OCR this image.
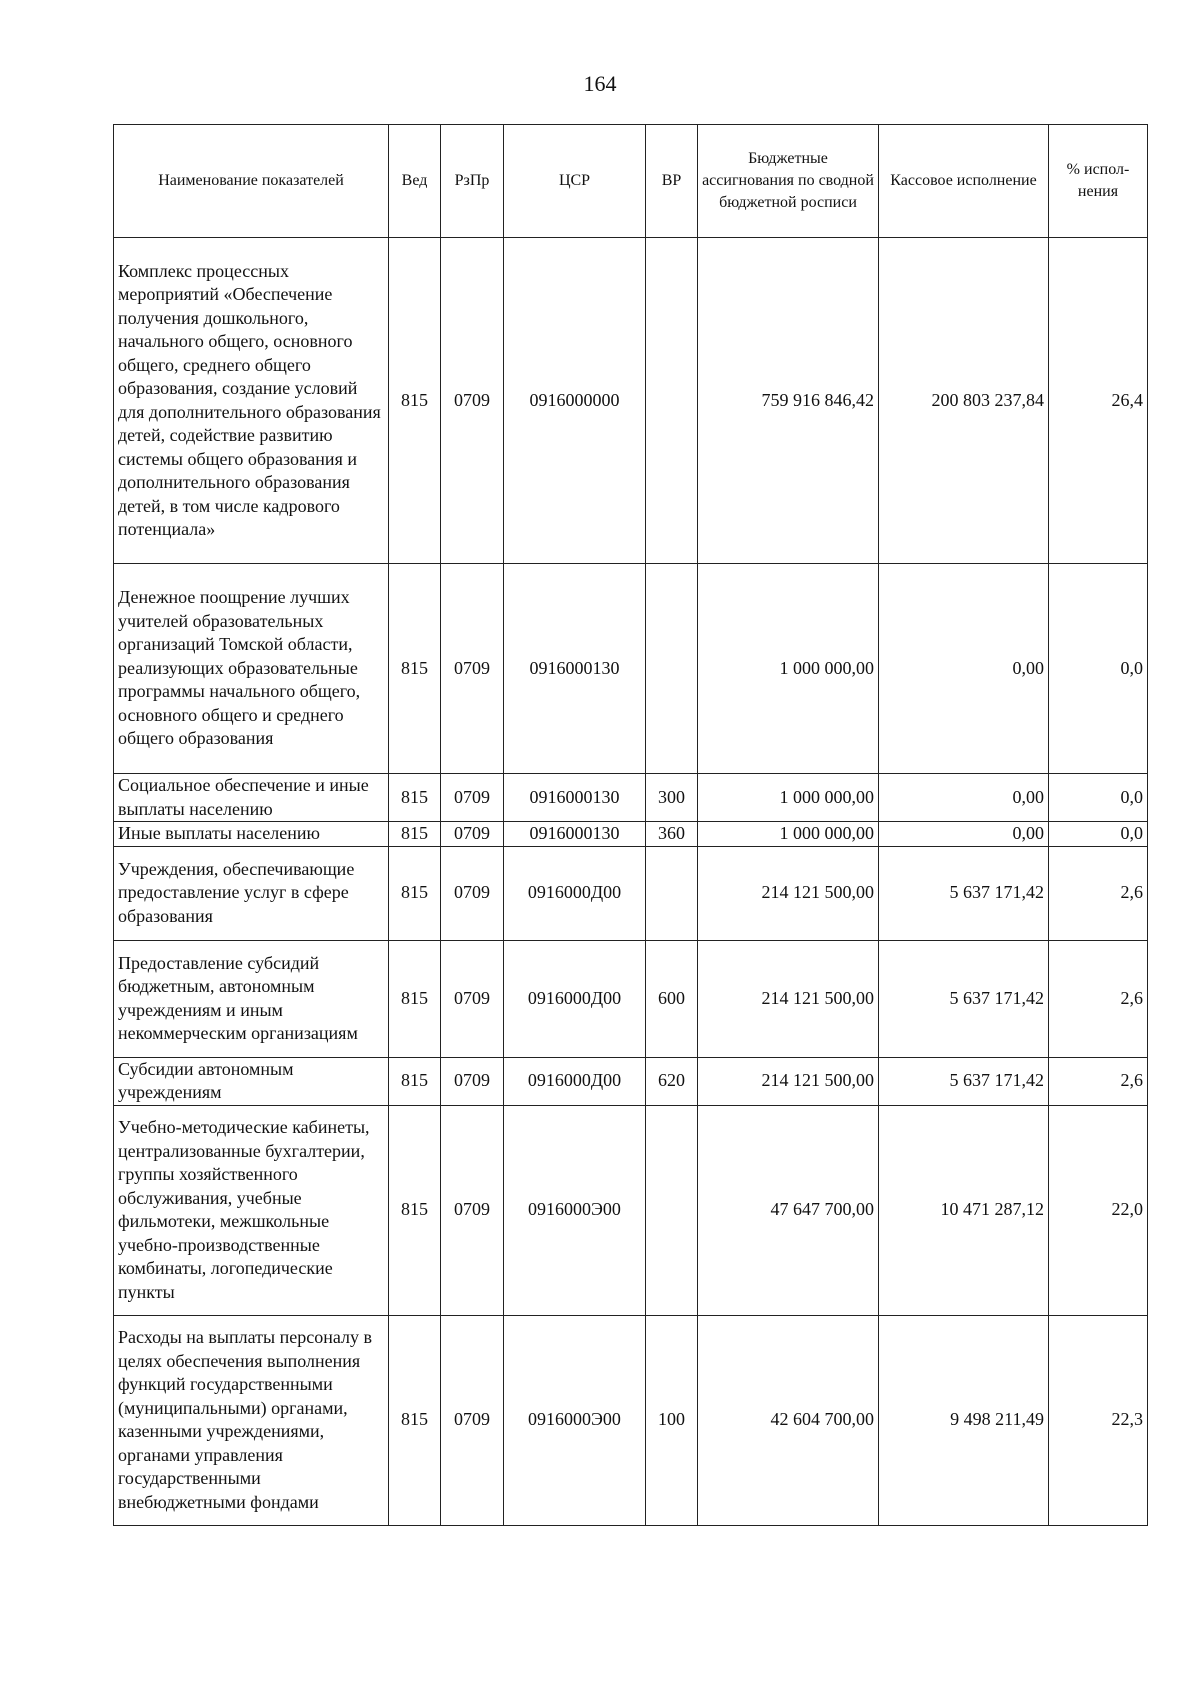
164
Наименование показателей	Вед	РзПр	ЦСР	ВР	Бюджетные ассигнования по сводной бюджетной росписи	Кассовое исполнение	% испол-нения
Комплекс процессных мероприятий «Обеспечение получения дошкольного, начального общего, основного общего, среднего общего образования, создание условий для дополнительного образования детей, содействие развитию системы общего образования и дополнительного образования детей, в том числе кадрового потенциала»	815	0709	0916000000		759 916 846,42	200 803 237,84	26,4
Денежное поощрение лучших учителей образовательных организаций Томской области, реализующих образовательные программы начального общего, основного общего и среднего общего образования	815	0709	0916000130		1 000 000,00	0,00	0,0
Социальное обеспечение и иные выплаты населению	815	0709	0916000130	300	1 000 000,00	0,00	0,0
Иные выплаты населению	815	0709	0916000130	360	1 000 000,00	0,00	0,0
Учреждения, обеспечивающие предоставление услуг в сфере образования	815	0709	0916000Д00		214 121 500,00	5 637 171,42	2,6
Предоставление субсидий бюджетным, автономным учреждениям и иным некоммерческим организациям	815	0709	0916000Д00	600	214 121 500,00	5 637 171,42	2,6
Субсидии автономным учреждениям	815	0709	0916000Д00	620	214 121 500,00	5 637 171,42	2,6
Учебно-методические кабинеты, централизованные бухгалтерии, группы хозяйственного обслуживания, учебные фильмотеки, межшкольные учебно-производственные комбинаты, логопедические пункты	815	0709	0916000Э00		47 647 700,00	10 471 287,12	22,0
Расходы на выплаты персоналу в целях обеспечения выполнения функций государственными (муниципальными) органами, казенными учреждениями, органами управления государственными внебюджетными фондами	815	0709	0916000Э00	100	42 604 700,00	9 498 211,49	22,3
